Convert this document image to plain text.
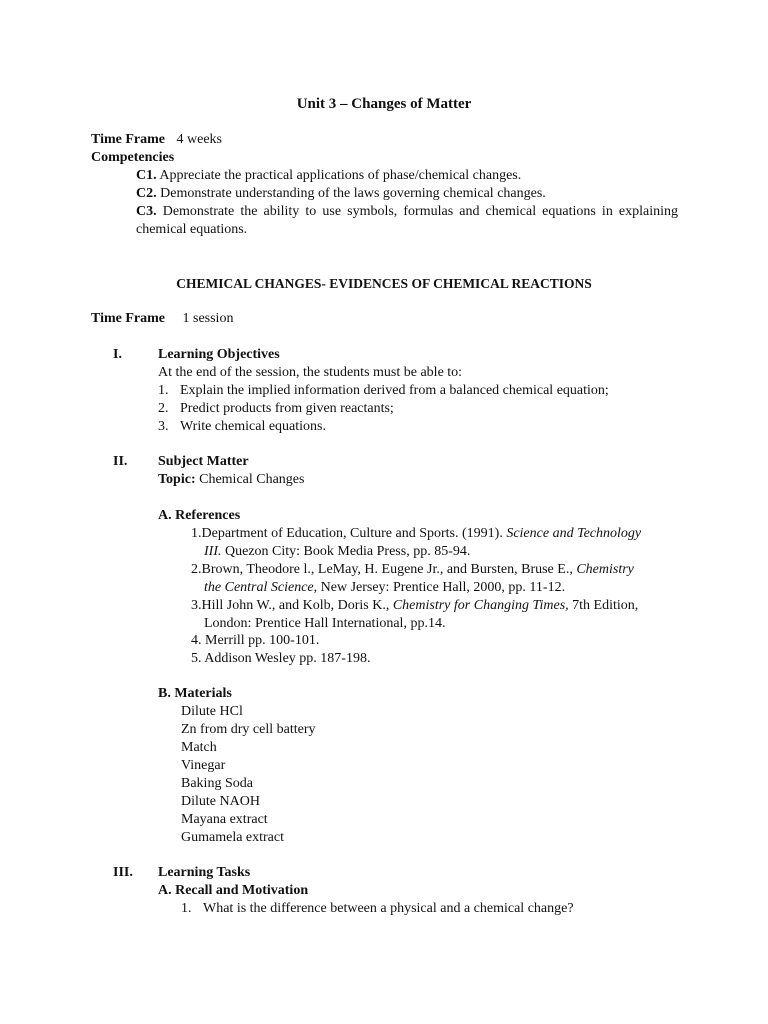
Unit 3 – Changes of Matter
Time Frame 4 weeks
Competencies
C1. Appreciate the practical applications of phase/chemical changes.
C2. Demonstrate understanding of the laws governing chemical changes.
C3. Demonstrate the ability to use symbols, formulas and chemical equations in explaining chemical equations.
CHEMICAL CHANGES- EVIDENCES OF CHEMICAL REACTIONS
Time Frame 1 session
I.	Learning Objectives
At the end of the session, the students must be able to:
1. Explain the implied information derived from a balanced chemical equation;
2. Predict products from given reactants;
3. Write chemical equations.
II. Subject Matter
Topic: Chemical Changes
A. References
1.Department of Education, Culture and Sports. (1991). Science and Technology
III. Quezon City: Book Media Press, pp. 85-94.
2.Brown, Theodore l., LeMay, H. Eugene Jr., and Bursten, Bruse E., Chemistry
the Central Science, New Jersey: Prentice Hall, 2000, pp. 11-12.
3.Hill John W., and Kolb, Doris K., Chemistry for Changing Times, 7th Edition,
London: Prentice Hall International, pp.14.
4. Merrill pp. 100-101.
5. Addison Wesley pp. 187-198.
B. Materials
Dilute HCl
Zn from dry cell battery
Match
Vinegar
Baking Soda
Dilute NAOH
Mayana extract
Gumamela extract
III. Learning Tasks
A. Recall and Motivation
1. What is the difference between a physical and a chemical change?
